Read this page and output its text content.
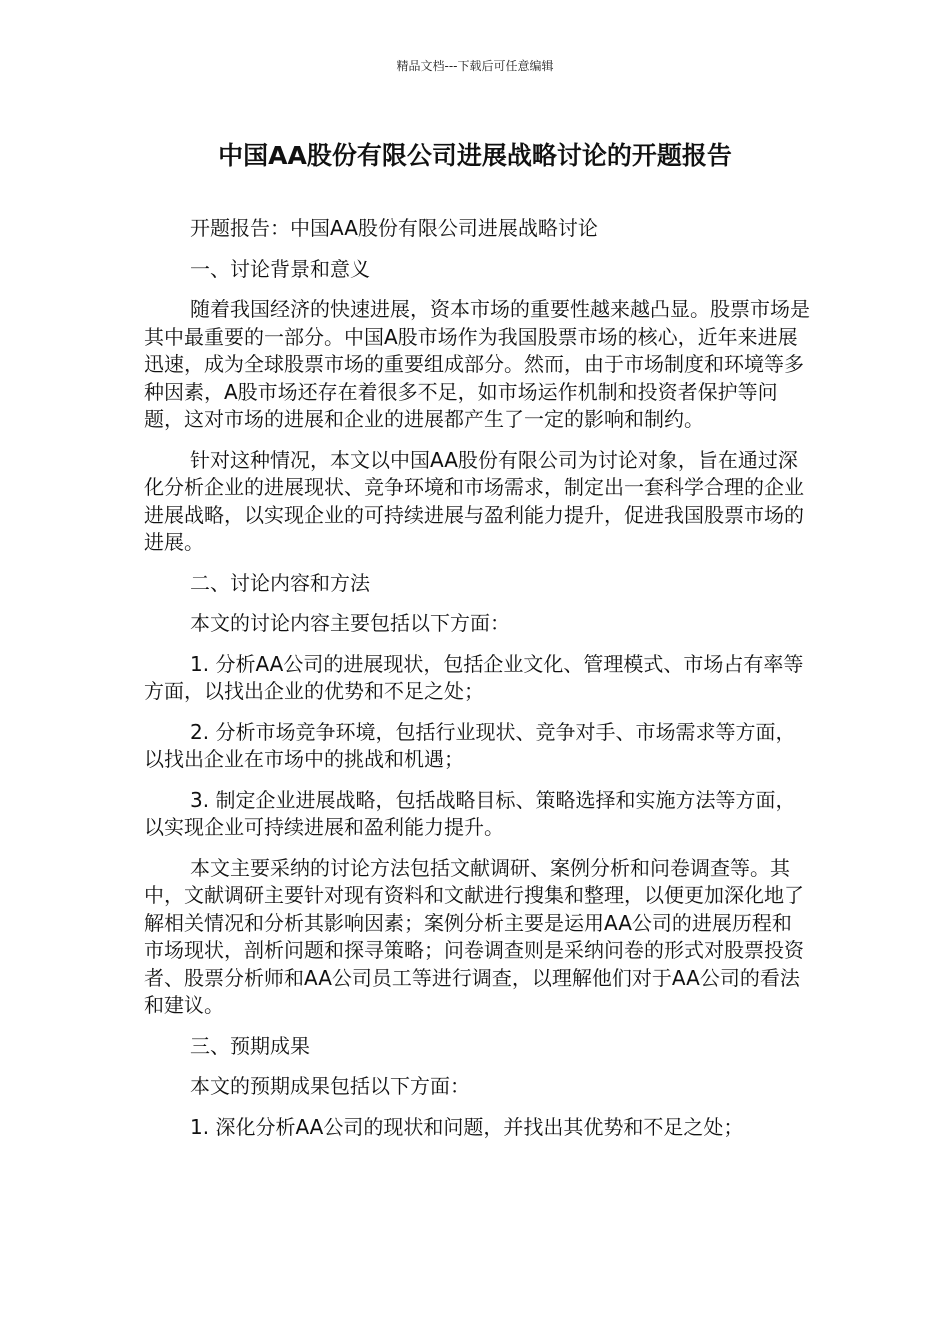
精品文档---下载后可任意编辑
中国AA股份有限公司进展战略讨论的开题报告

开题报告：中国AA股份有限公司进展战略讨论

一、讨论背景和意义

随着我国经济的快速进展，资本市场的重要性越来越凸显。股票市场是其中最重要的一部分。中国A股市场作为我国股票市场的核心，近年来进展迅速，成为全球股票市场的重要组成部分。然而，由于市场制度和环境等多种因素，A股市场还存在着很多不足，如市场运作机制和投资者保护等问题，这对市场的进展和企业的进展都产生了一定的影响和制约。

针对这种情况，本文以中国AA股份有限公司为讨论对象，旨在通过深化分析企业的进展现状、竞争环境和市场需求，制定出一套科学合理的企业进展战略，以实现企业的可持续进展与盈利能力提升，促进我国股票市场的进展。

二、讨论内容和方法

本文的讨论内容主要包括以下方面：

1. 分析AA公司的进展现状，包括企业文化、管理模式、市场占有率等方面，以找出企业的优势和不足之处；

2. 分析市场竞争环境，包括行业现状、竞争对手、市场需求等方面，以找出企业在市场中的挑战和机遇；

3. 制定企业进展战略，包括战略目标、策略选择和实施方法等方面，以实现企业可持续进展和盈利能力提升。

本文主要采纳的讨论方法包括文献调研、案例分析和问卷调查等。其中，文献调研主要针对现有资料和文献进行搜集和整理，以便更加深化地了解相关情况和分析其影响因素；案例分析主要是运用AA公司的进展历程和市场现状，剖析问题和探寻策略；问卷调查则是采纳问卷的形式对股票投资者、股票分析师和AA公司员工等进行调查，以理解他们对于AA公司的看法和建议。

三、预期成果

本文的预期成果包括以下方面：

1. 深化分析AA公司的现状和问题，并找出其优势和不足之处；
